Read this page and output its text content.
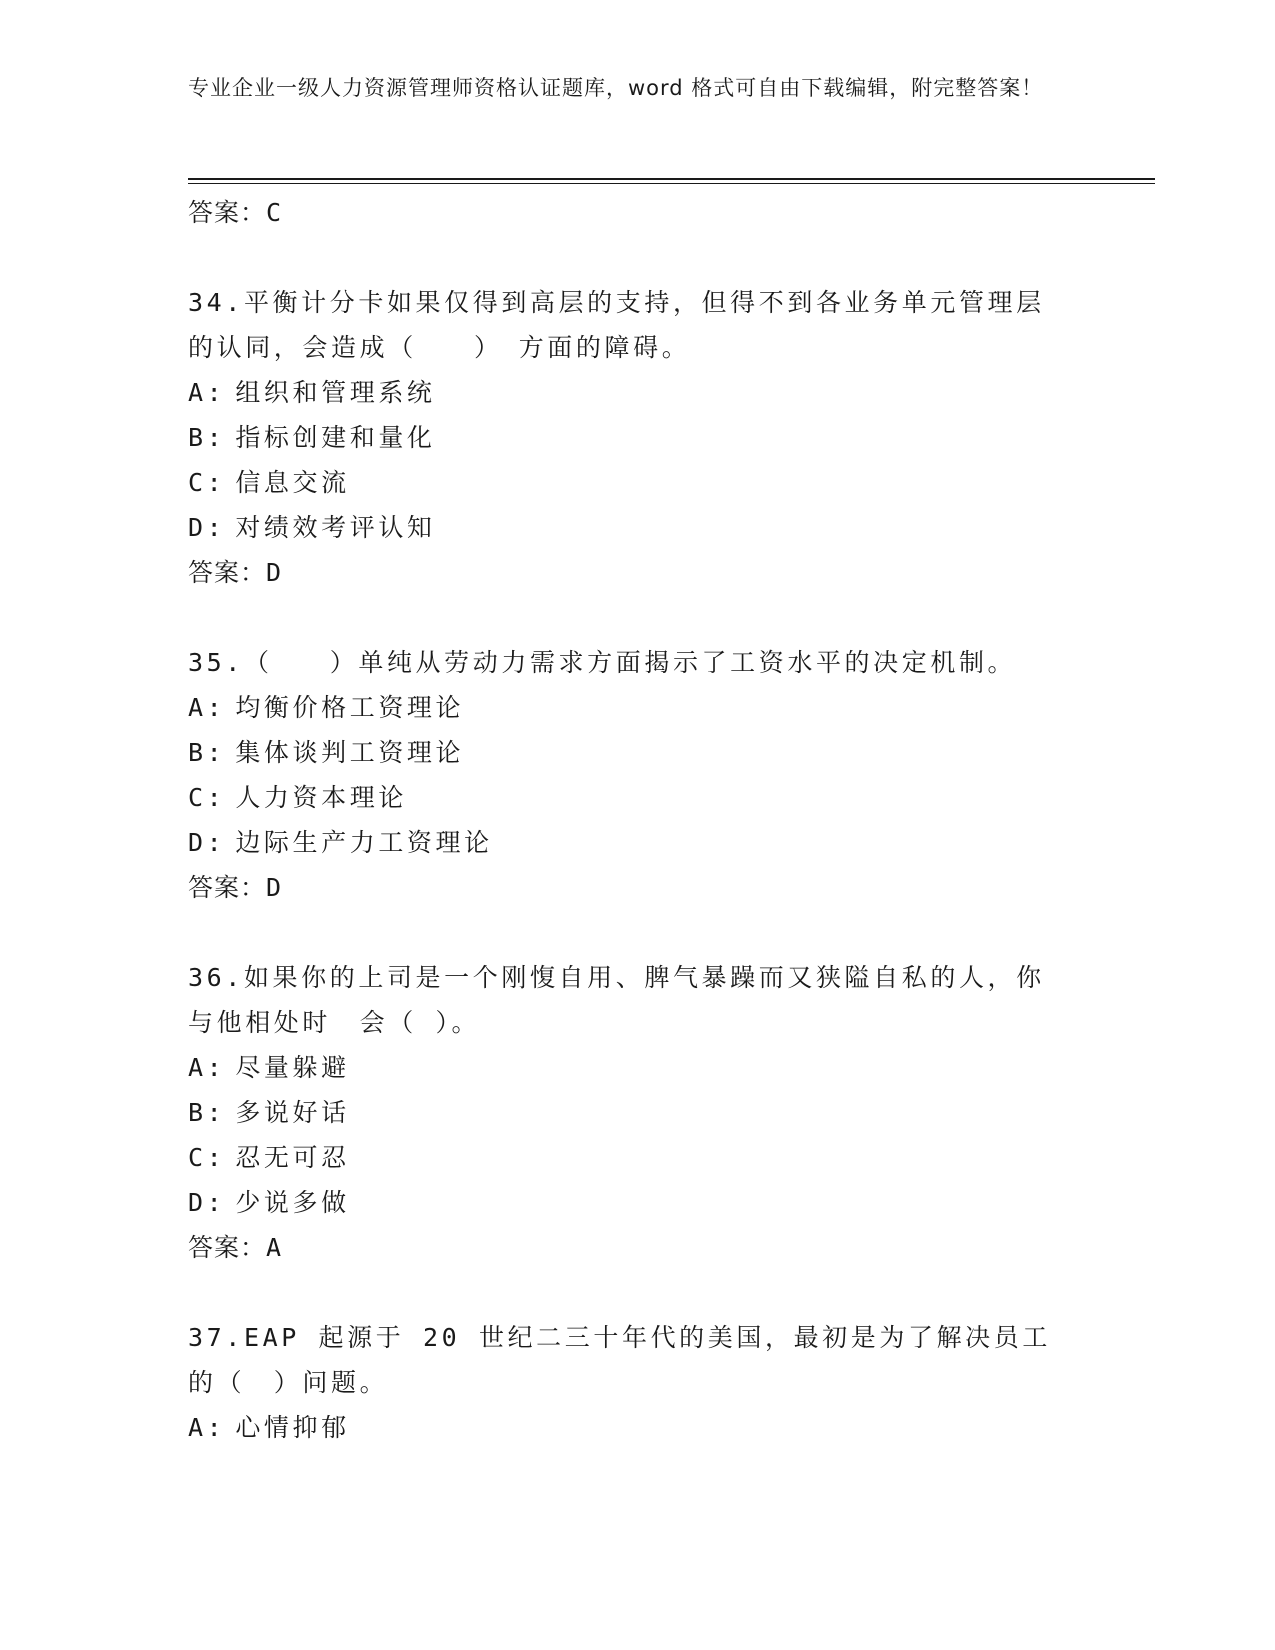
专业企业一级人力资源管理师资格认证题库，word 格式可自由下载编辑，附完整答案！
答案：C
34.平衡计分卡如果仅得到高层的支持，但得不到各业务单元管理层的认同，会造成（　　）　方面的障碍。
A: 组织和管理系统
B: 指标创建和量化
C: 信息交流
D: 对绩效考评认知
答案：D
35.（　　）单纯从劳动力需求方面揭示了工资水平的决定机制。
A: 均衡价格工资理论
B: 集体谈判工资理论
C: 人力资本理论
D: 边际生产力工资理论
答案：D
36.如果你的上司是一个刚愎自用、脾气暴躁而又狭隘自私的人，你与他相处时　会（ ）。
A: 尽量躲避
B: 多说好话
C: 忍无可忍
D: 少说多做
答案：A
37.EAP 起源于 20 世纪二三十年代的美国，最初是为了解决员工的（　）问题。
A: 心情抑郁
